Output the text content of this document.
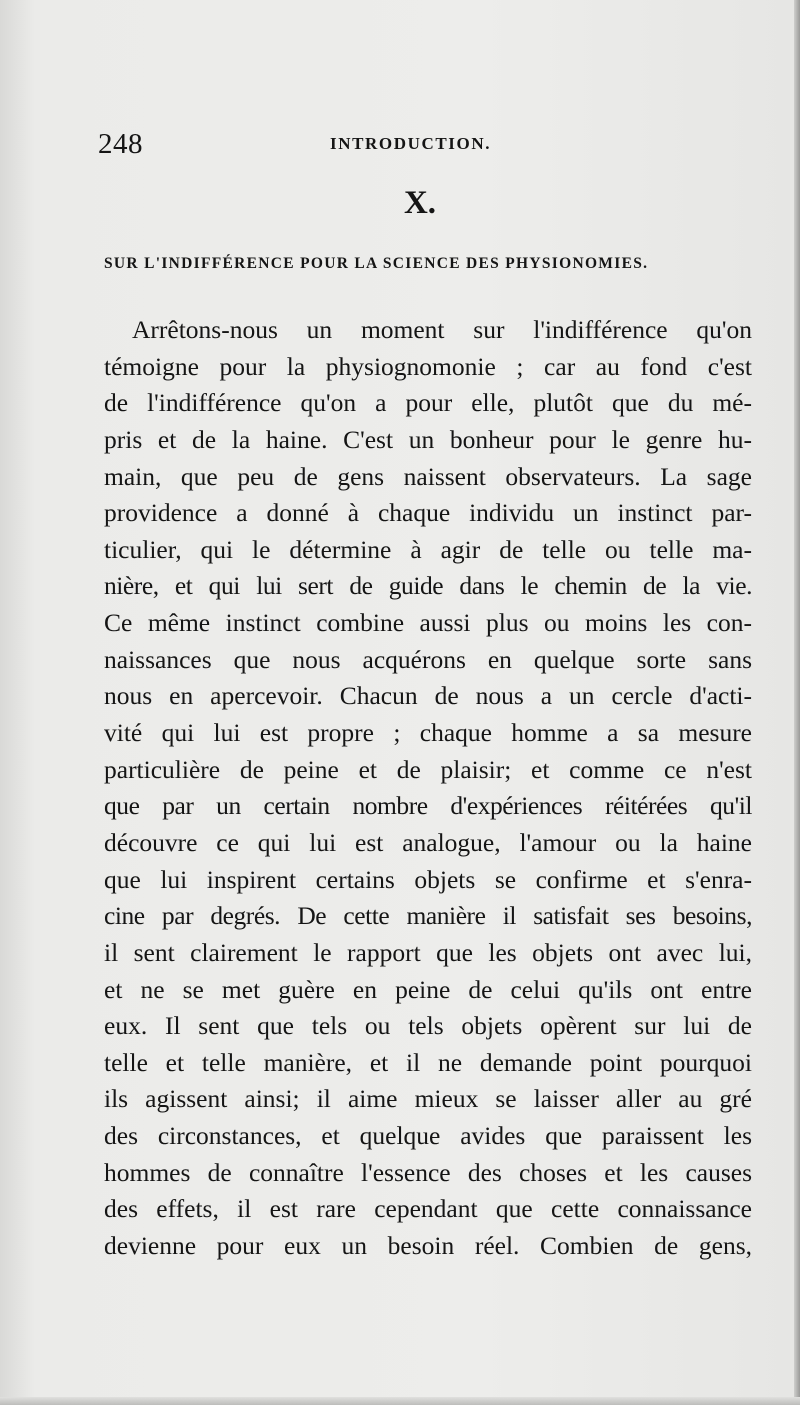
248	INTRODUCTION.
X.
SUR L'INDIFFÉRENCE POUR LA SCIENCE DES PHYSIONOMIES.
Arrêtons-nous un moment sur l'indifférence qu'on
témoigne pour la physiognomonie ; car au fond c'est
de l'indifférence qu'on a pour elle, plutôt que du mé-
pris et de la haine. C'est un bonheur pour le genre hu-
main, que peu de gens naissent observateurs. La sage
providence a donné à chaque individu un instinct par-
ticulier, qui le détermine à agir de telle ou telle ma-
nière, et qui lui sert de guide dans le chemin de la vie.
Ce même instinct combine aussi plus ou moins les con-
naissances que nous acquérons en quelque sorte sans
nous en apercevoir. Chacun de nous a un cercle d'acti-
vité qui lui est propre ; chaque homme a sa mesure
particulière de peine et de plaisir; et comme ce n'est
que par un certain nombre d'expériences réitérées qu'il
découvre ce qui lui est analogue, l'amour ou la haine
que lui inspirent certains objets se confirme et s'enra-
cine par degrés. De cette manière il satisfait ses besoins,
il sent clairement le rapport que les objets ont avec lui,
et ne se met guère en peine de celui qu'ils ont entre
eux. Il sent que tels ou tels objets opèrent sur lui de
telle et telle manière, et il ne demande point pourquoi
ils agissent ainsi; il aime mieux se laisser aller au gré
des circonstances, et quelque avides que paraissent les
hommes de connaître l'essence des choses et les causes
des effets, il est rare cependant que cette connaissance
devienne pour eux un besoin réel. Combien de gens,
